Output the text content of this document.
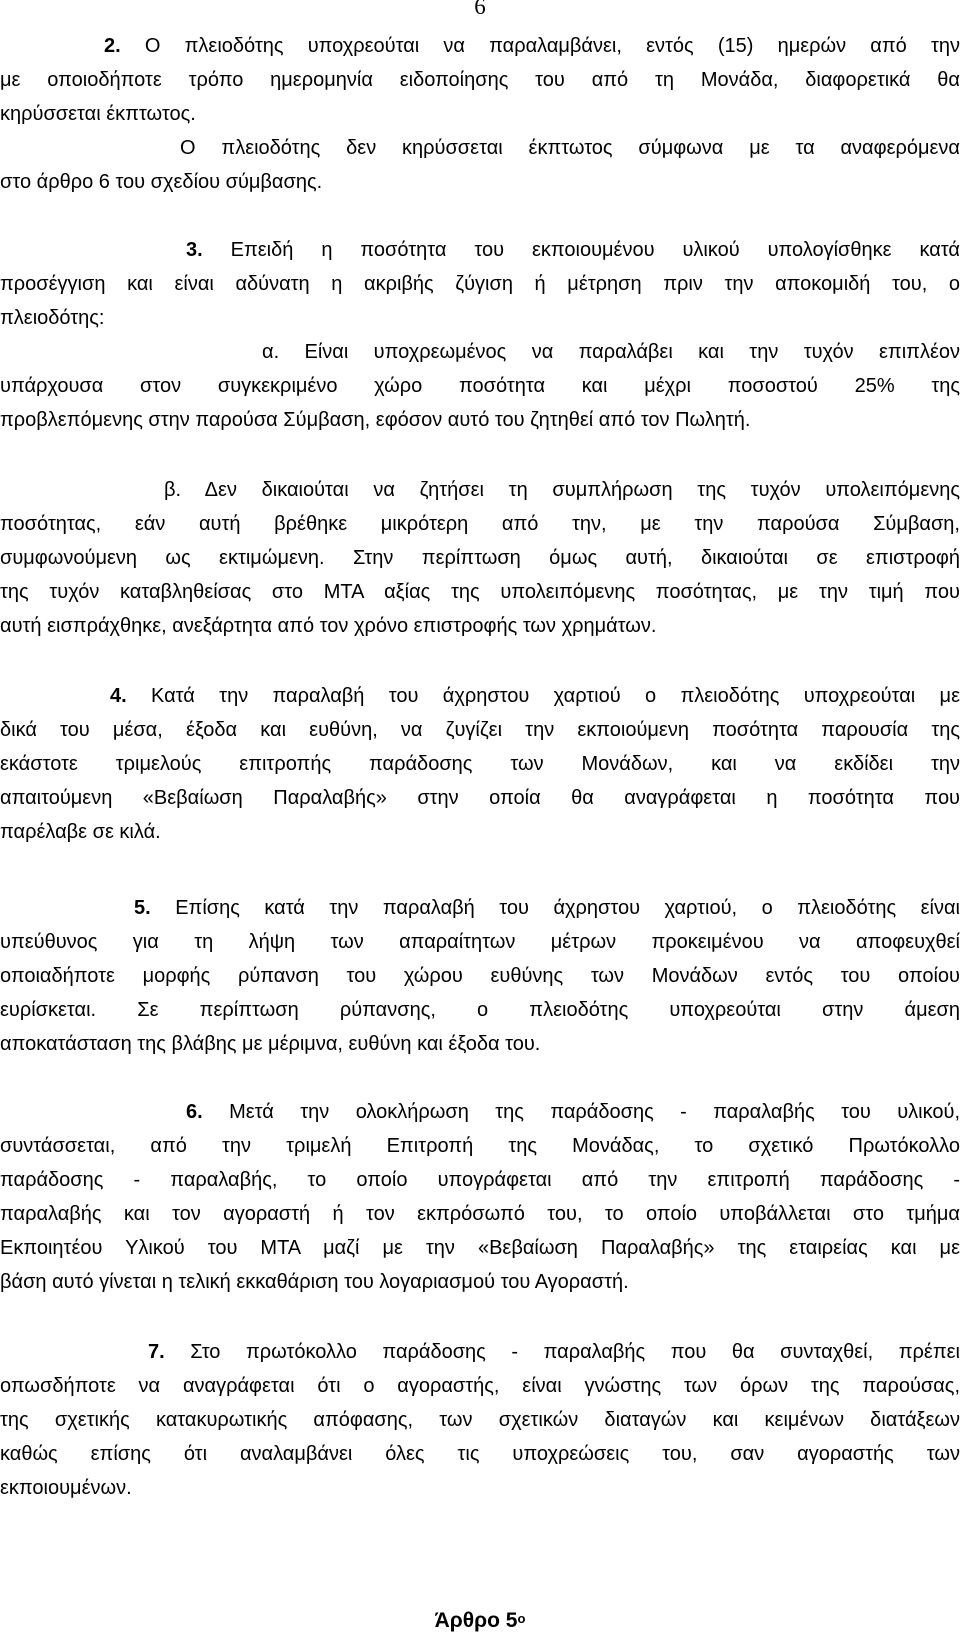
6
2. Ο πλειοδότης υποχρεούται να παραλαμβάνει, εντός (15) ημερών από την
με οποιοδήποτε τρόπο ημερομηνία ειδοποίησης του από τη Μονάδα, διαφορετικά θα
κηρύσσεται έκπτωτος.
Ο πλειοδότης δεν κηρύσσεται έκπτωτος σύμφωνα με τα αναφερόμενα
στο άρθρο 6 του σχεδίου σύμβασης.
3. Επειδή η ποσότητα του εκποιουμένου υλικού υπολογίσθηκε κατά
προσέγγιση και είναι αδύνατη η ακριβής ζύγιση ή μέτρηση πριν την αποκομιδή του, ο
πλειοδότης:
α. Είναι υποχρεωμένος να παραλάβει και την τυχόν επιπλέον
υπάρχουσα στον συγκεκριμένο χώρο ποσότητα και μέχρι ποσοστού 25% της
προβλεπόμενης στην παρούσα Σύμβαση, εφόσον αυτό του ζητηθεί από τον Πωλητή.
β. Δεν δικαιούται να ζητήσει τη συμπλήρωση της τυχόν υπολειπόμενης
ποσότητας, εάν αυτή βρέθηκε μικρότερη από την, με την παρούσα Σύμβαση,
συμφωνούμενη ως εκτιμώμενη. Στην περίπτωση όμως αυτή, δικαιούται σε επιστροφή
της τυχόν καταβληθείσας στο ΜΤΑ αξίας της υπολειπόμενης ποσότητας, με την τιμή που
αυτή εισπράχθηκε, ανεξάρτητα από τον χρόνο επιστροφής των χρημάτων.
4. Κατά την παραλαβή του άχρηστου χαρτιού ο πλειοδότης υποχρεούται με
δικά του μέσα, έξοδα και ευθύνη, να ζυγίζει την εκποιούμενη ποσότητα παρουσία της
εκάστοτε τριμελούς επιτροπής παράδοσης των Μονάδων, και να εκδίδει την
απαιτούμενη «Βεβαίωση Παραλαβής» στην οποία θα αναγράφεται η ποσότητα που
παρέλαβε σε κιλά.
5. Επίσης κατά την παραλαβή του άχρηστου χαρτιού, ο πλειοδότης είναι
υπεύθυνος για τη λήψη των απαραίτητων μέτρων προκειμένου να αποφευχθεί
οποιαδήποτε μορφής ρύπανση του χώρου ευθύνης των Μονάδων εντός του οποίου
ευρίσκεται. Σε περίπτωση ρύπανσης, ο πλειοδότης υποχρεούται στην άμεση
αποκατάσταση της βλάβης με μέριμνα, ευθύνη και έξοδα του.
6. Μετά την ολοκλήρωση της παράδοσης - παραλαβής του υλικού,
συντάσσεται, από την τριμελή Επιτροπή της Μονάδας, το σχετικό Πρωτόκολλο
παράδοσης - παραλαβής, το οποίο υπογράφεται από την επιτροπή παράδοσης -
παραλαβής και τον αγοραστή ή τον εκπρόσωπό του, το οποίο υποβάλλεται στο τμήμα
Εκποιητέου Υλικού του ΜΤΑ μαζί με την «Βεβαίωση Παραλαβής» της εταιρείας και με
βάση αυτό γίνεται η τελική εκκαθάριση του λογαριασμού του Αγοραστή.
7. Στο πρωτόκολλο παράδοσης - παραλαβής που θα συνταχθεί, πρέπει
οπωσδήποτε να αναγράφεται ότι ο αγοραστής, είναι γνώστης των όρων της παρούσας,
της σχετικής κατακυρωτικής απόφασης, των σχετικών διαταγών και κειμένων διατάξεων
καθώς επίσης ότι αναλαμβάνει όλες τις υποχρεώσεις του, σαν αγοραστής των
εκποιουμένων.
Άρθρο $5^o$
